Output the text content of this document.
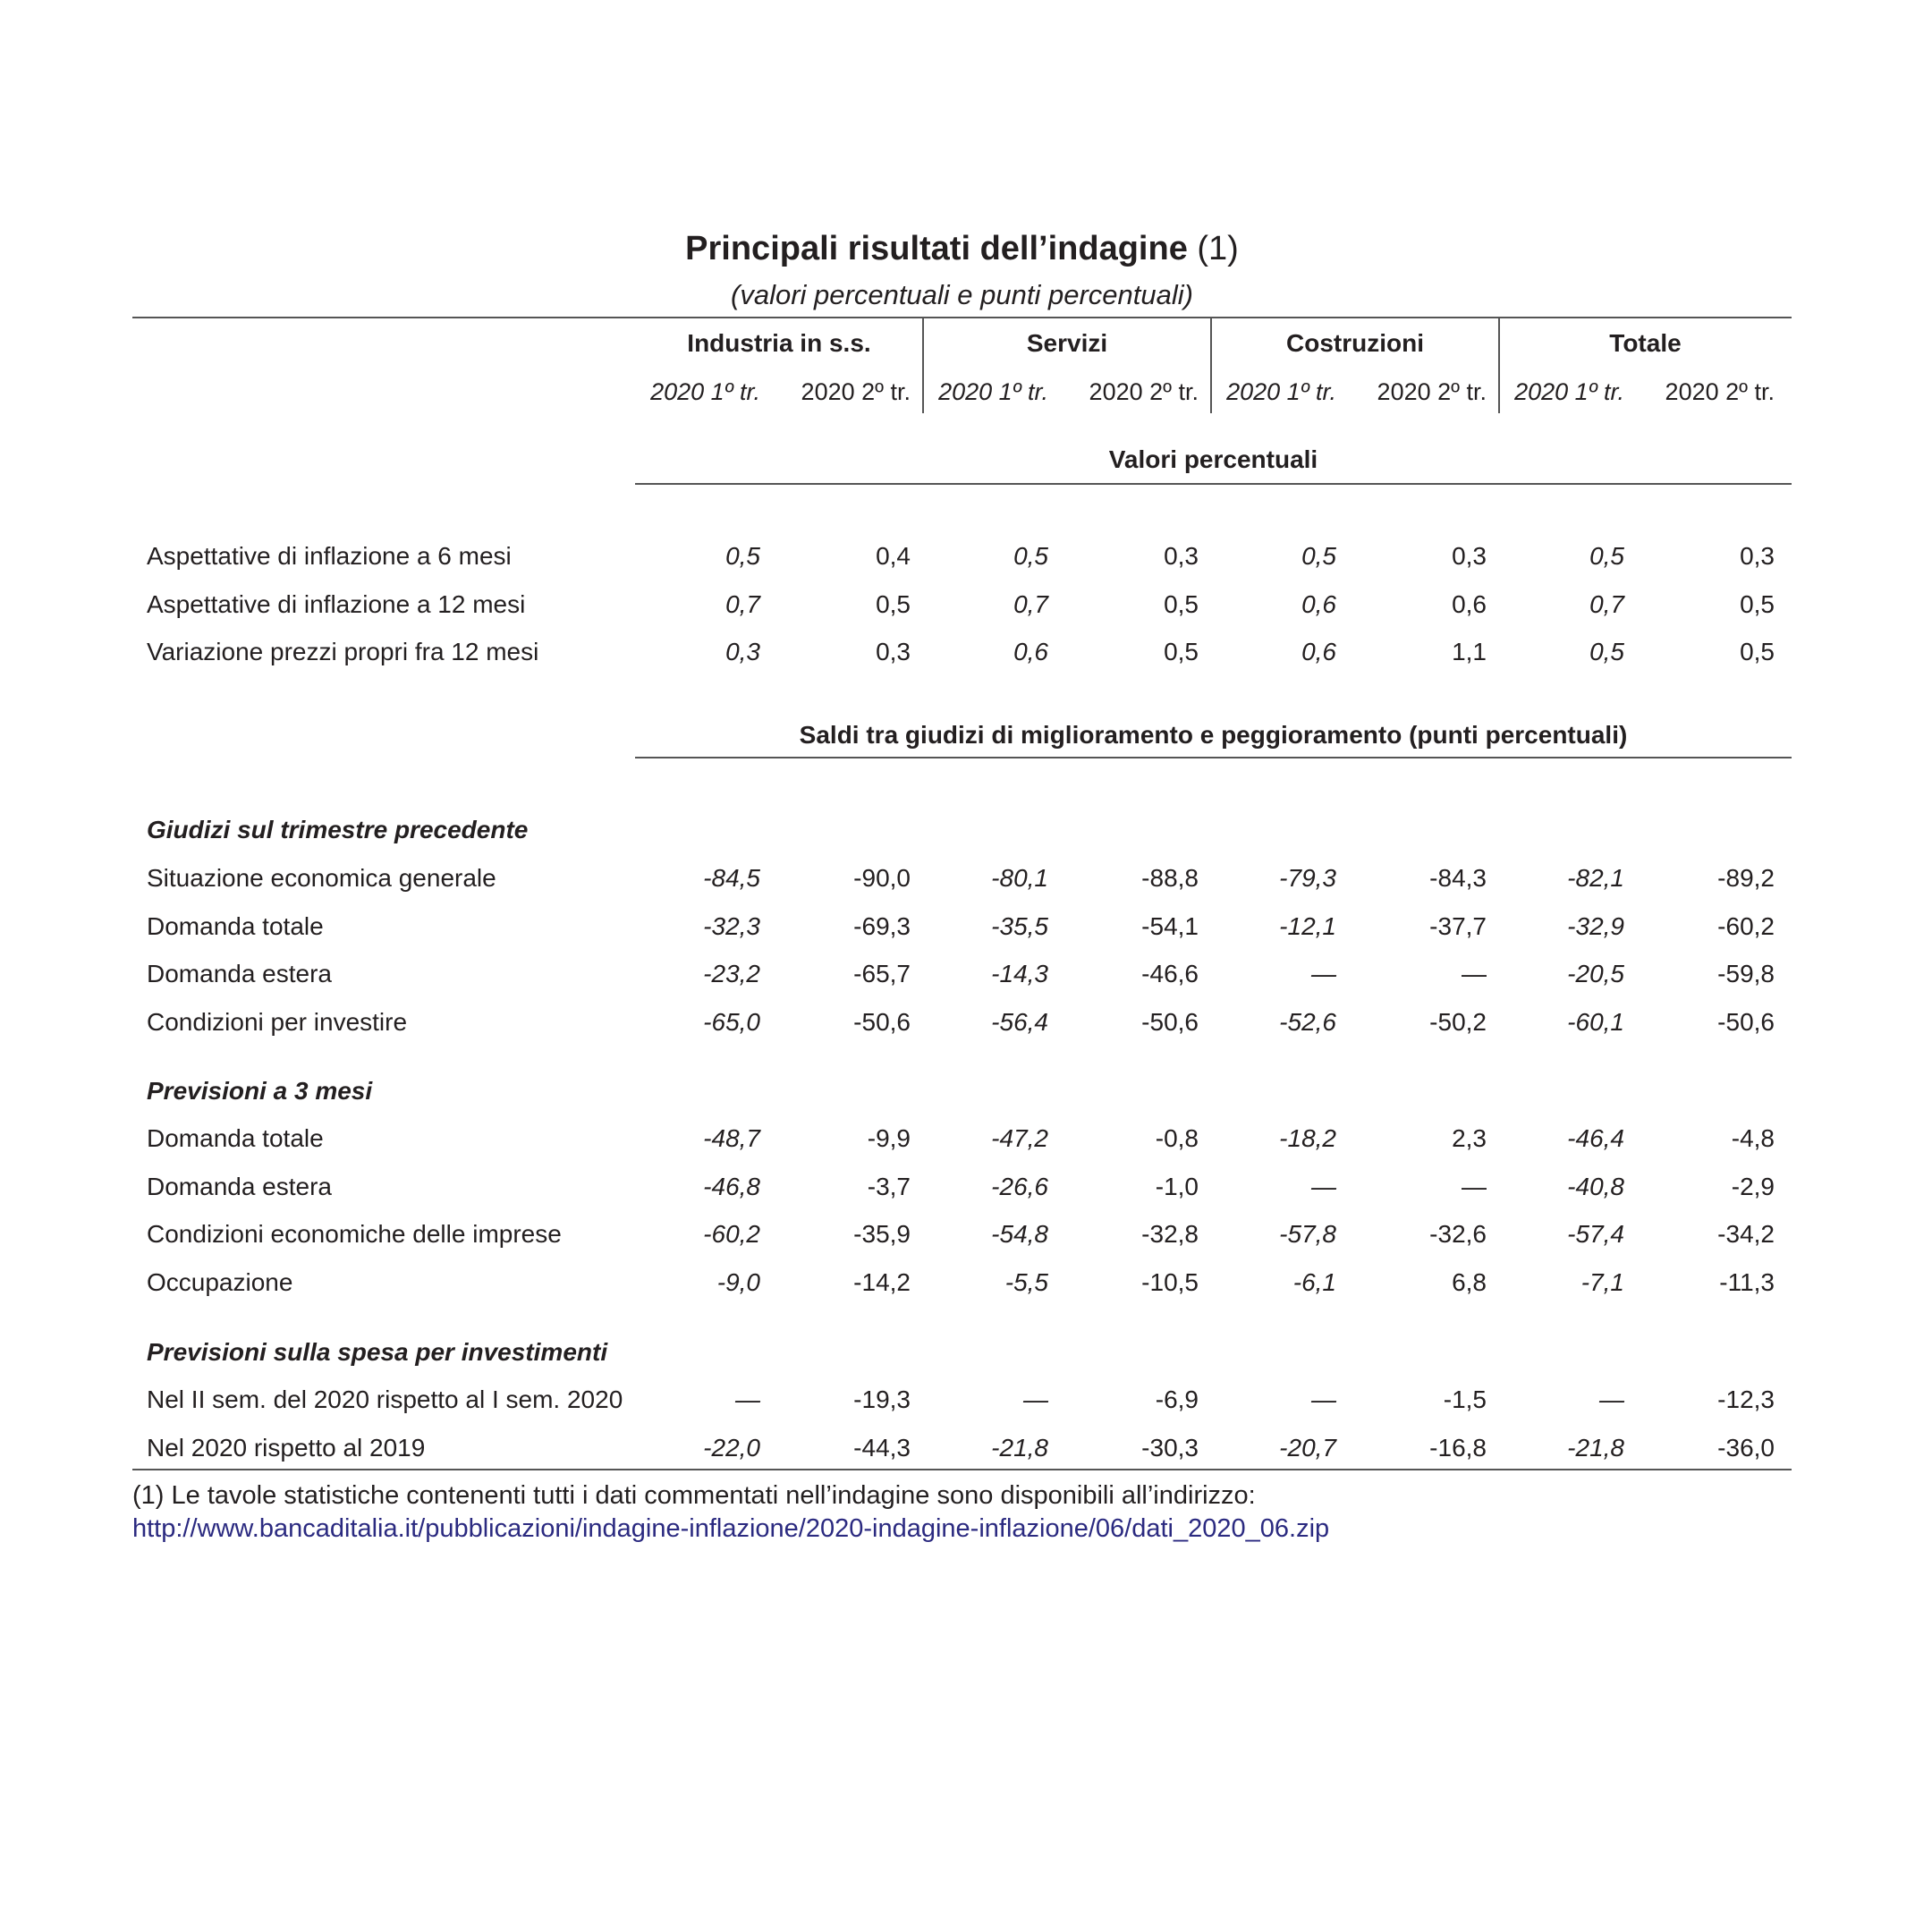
Principali risultati dell’indagine (1)
(valori percentuali e punti percentuali)
Industria in s.s.	Servizi	Costruzioni	Totale
2020 1º tr.	2020 2º tr.	2020 1º tr.	2020 2º tr.	2020 1º tr.	2020 2º tr.	2020 1º tr.	2020 2º tr.
Valori percentuali
Aspettative di inflazione a 6 mesi	0,5	0,4	0,5	0,3	0,5	0,3	0,5	0,3
Aspettative di inflazione a 12 mesi	0,7	0,5	0,7	0,5	0,6	0,6	0,7	0,5
Variazione prezzi propri fra 12 mesi	0,3	0,3	0,6	0,5	0,6	1,1	0,5	0,5
Saldi tra giudizi di miglioramento e peggioramento (punti percentuali)
Giudizi sul trimestre precedente
Situazione economica generale	-84,5	-90,0	-80,1	-88,8	-79,3	-84,3	-82,1	-89,2
Domanda totale	-32,3	-69,3	-35,5	-54,1	-12,1	-37,7	-32,9	-60,2
Domanda estera	-23,2	-65,7	-14,3	-46,6	—	—	-20,5	-59,8
Condizioni per investire	-65,0	-50,6	-56,4	-50,6	-52,6	-50,2	-60,1	-50,6
Previsioni a 3 mesi
Domanda totale	-48,7	-9,9	-47,2	-0,8	-18,2	2,3	-46,4	-4,8
Domanda estera	-46,8	-3,7	-26,6	-1,0	—	—	-40,8	-2,9
Condizioni economiche delle imprese	-60,2	-35,9	-54,8	-32,8	-57,8	-32,6	-57,4	-34,2
Occupazione	-9,0	-14,2	-5,5	-10,5	-6,1	6,8	-7,1	-11,3
Previsioni sulla spesa per investimenti
Nel II sem. del 2020 rispetto al I sem. 2020	—	-19,3	—	-6,9	—	-1,5	—	-12,3
Nel 2020 rispetto al 2019	-22,0	-44,3	-21,8	-30,3	-20,7	-16,8	-21,8	-36,0
(1) Le tavole statistiche contenenti tutti i dati commentati nell’indagine sono disponibili all’indirizzo:
http://www.bancaditalia.it/pubblicazioni/indagine-inflazione/2020-indagine-inflazione/06/dati_2020_06.zip
